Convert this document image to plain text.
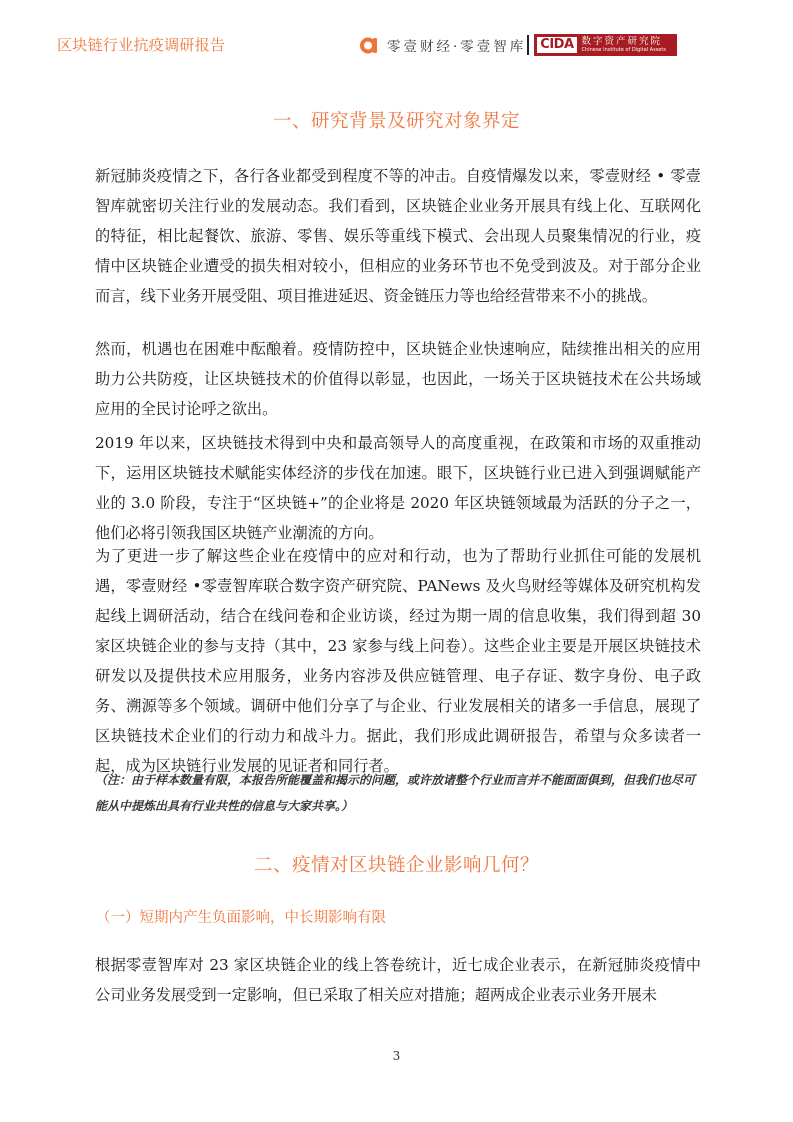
区块链行业抗疫调研报告	零壹财经·零壹智库 CIDA 数字资产研究院
Chinese Institute of Digital Assets
一、研究背景及研究对象界定

新冠肺炎疫情之下，各行各业都受到程度不等的冲击。自疫情爆发以来，零壹财经 • 零壹智库就密切关注行业的发展动态。我们看到，区块链企业业务开展具有线上化、互联网化的特征，相比起餐饮、旅游、零售、娱乐等重线下模式、会出现人员聚集情况的行业，疫情中区块链企业遭受的损失相对较小，但相应的业务环节也不免受到波及。对于部分企业而言，线下业务开展受阻、项目推进延迟、资金链压力等也给经营带来不小的挑战。

然而，机遇也在困难中酝酿着。疫情防控中，区块链企业快速响应，陆续推出相关的应用助力公共防疫，让区块链技术的价值得以彰显，也因此，一场关于区块链技术在公共场域应用的全民讨论呼之欲出。

2019 年以来，区块链技术得到中央和最高领导人的高度重视，在政策和市场的双重推动下，运用区块链技术赋能实体经济的步伐在加速。眼下，区块链行业已进入到强调赋能产业的 3.0 阶段，专注于“区块链+”的企业将是 2020 年区块链领域最为活跃的分子之一，他们必将引领我国区块链产业潮流的方向。

为了更进一步了解这些企业在疫情中的应对和行动，也为了帮助行业抓住可能的发展机遇，零壹财经 •零壹智库联合数字资产研究院、PANews 及火鸟财经等媒体及研究机构发起线上调研活动，结合在线问卷和企业访谈，经过为期一周的信息收集，我们得到超 30 家区块链企业的参与支持（其中，23 家参与线上问卷）。这些企业主要是开展区块链技术研发以及提供技术应用服务，业务内容涉及供应链管理、电子存证、数字身份、电子政务、溯源等多个领域。调研中他们分享了与企业、行业发展相关的诸多一手信息，展现了区块链技术企业们的行动力和战斗力。据此，我们形成此调研报告，希望与众多读者一起，成为区块链行业发展的见证者和同行者。

（注：由于样本数量有限，本报告所能覆盖和揭示的问题，或许放诸整个行业而言并不能面面俱到，但我们也尽可能从中提炼出具有行业共性的信息与大家共享。）

二、疫情对区块链企业影响几何？
（一）短期内产生负面影响，中长期影响有限

根据零壹智库对 23 家区块链企业的线上答卷统计，近七成企业表示，在新冠肺炎疫情中公司业务发展受到一定影响，但已采取了相关应对措施；超两成企业表示业务开展未

3
